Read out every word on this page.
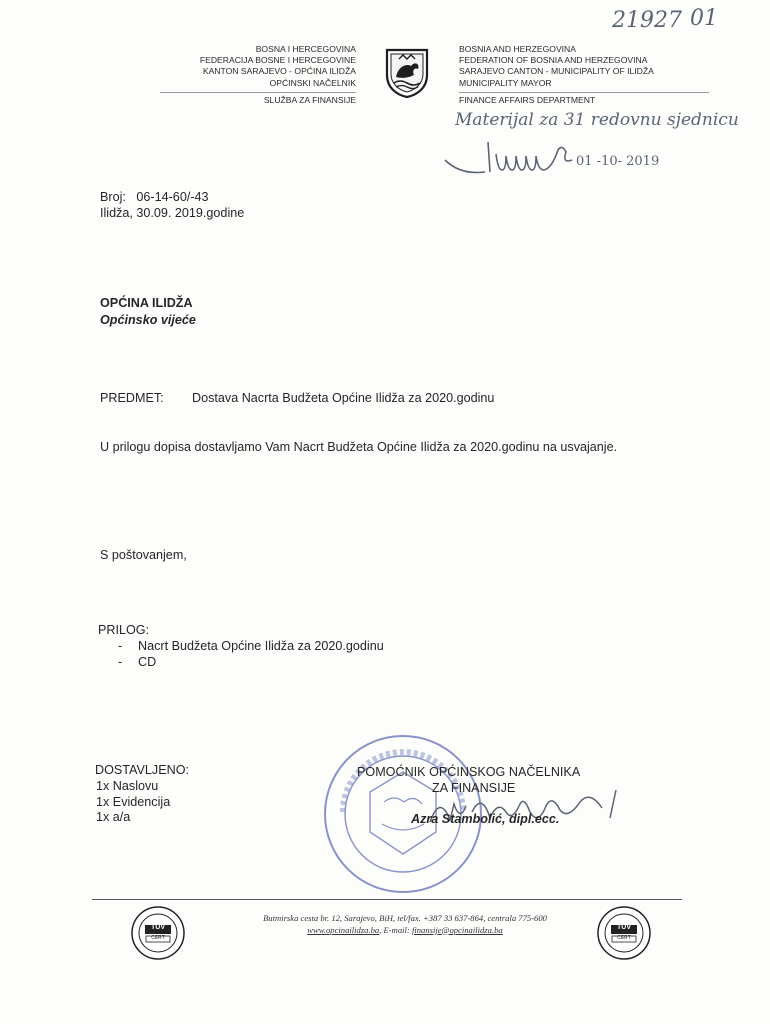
BOSNA I HERCEGOVINA
FEDERACIJA BOSNE I HERCEGOVINE
KANTON SARAJEVO - OPĆINA ILIDŽA
OPĆINSKI NAČELNIK
SLUŽBA ZA FINANSIJE
BOSNIA AND HERZEGOVINA
FEDERATION OF BOSNIA AND HERZEGOVINA
SARAJEVO CANTON - MUNICIPALITY OF ILIDŽA
MUNICIPALITY MAYOR
FINANCE AFFAIRS DEPARTMENT
21927 01
Materijal za 31 redovnu sjednicu
01 -10- 2019
Broj: 06-14-60/-43
Ilidža, 30.09. 2019.godine
OPĆINA ILIDŽA
Općinsko vijeće
PREDMET: Dostava Nacrta Budžeta Općine Ilidža za 2020.godinu
U prilogu dopisa dostavljamo Vam Nacrt Budžeta Općine Ilidža za 2020.godinu na usvajanje.
S poštovanjem,
PRILOG:
- Nacrt Budžeta Općine Ilidža za 2020.godinu
- CD
DOSTAVLJENO:
1x Naslovu
1x Evidencija
1x a/a
POMOĆNIK OPĆINSKOG NAČELNIKA
ZA FINANSIJE
Azra Stambolić, dipl.ecc.
TÜV
CERT
Butmirska cesta br. 12, Sarajevo, BiH, tel/fax. +387 33 637-864, centrala 775-600
www.opcinailidza.ba, E-mail: finansije@opcinailidza.ba	TÜV
CERT
